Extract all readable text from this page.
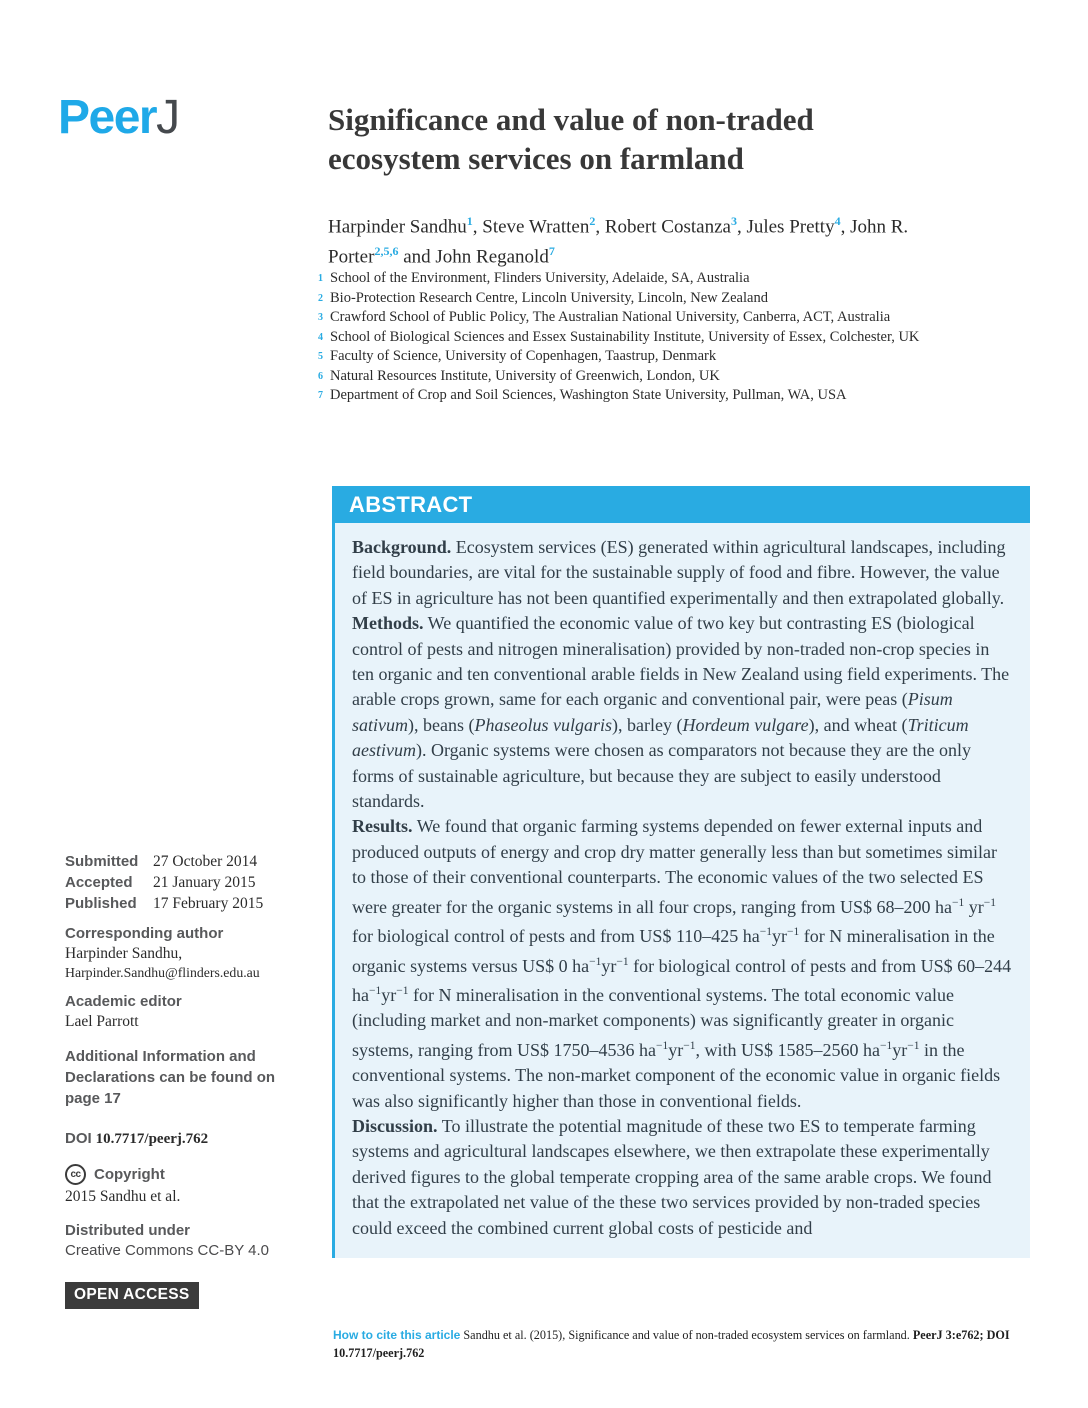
PeerJ	Significance and value of non-traded ecosystem services on farmland

Harpinder Sandhu$^1$, Steve Wratten$^2$, Robert Costanza$^3$, Jules Pretty$^4$, John R. Porter$^{2,5,6}$ and John Reganold$^7$

1 School of the Environment, Flinders University, Adelaide, SA, Australia
2 Bio-Protection Research Centre, Lincoln University, Lincoln, New Zealand
3 Crawford School of Public Policy, The Australian National University, Canberra, ACT, Australia
4 School of Biological Sciences and Essex Sustainability Institute, University of Essex, Colchester, UK
5 Faculty of Science, University of Copenhagen, Taastrup, Denmark
6 Natural Resources Institute, University of Greenwich, London, UK
7 Department of Crop and Soil Sciences, Washington State University, Pullman, WA, USA
ABSTRACT

Background. Ecosystem services (ES) generated within agricultural landscapes, including field boundaries, are vital for the sustainable supply of food and fibre. However, the value of ES in agriculture has not been quantified experimentally and then extrapolated globally.

Methods. We quantified the economic value of two key but contrasting ES (biological control of pests and nitrogen mineralisation) provided by non-traded non-crop species in ten organic and ten conventional arable fields in New Zealand using field experiments. The arable crops grown, same for each organic and conventional pair, were peas (Pisum sativum), beans (Phaseolus vulgaris), barley (Hordeum vulgare), and wheat (Triticum aestivum). Organic systems were chosen as comparators not because they are the only forms of sustainable agriculture, but because they are subject to easily understood standards.

Results. We found that organic farming systems depended on fewer external inputs and produced outputs of energy and crop dry matter generally less than but sometimes similar to those of their conventional counterparts. The economic values of the two selected ES were greater for the organic systems in all four crops, ranging from US$ 68–200 $ha^{-1}$ $yr^{-1}$ for biological control of pests and from US$ 110–425 $ha^{-1}yr^{-1}$ for N mineralisation in the organic systems versus US$ 0 $ha^{-1}yr^{-1}$ for biological control of pests and from US$ 60–244 $ha^{-1}yr^{-1}$ for N mineralisation in the conventional systems. The total economic value (including market and non-market components) was significantly greater in organic systems, ranging from US$ 1750–4536 $ha^{-1}yr^{-1}$, with US$ 1585–2560 $ha^{-1}yr^{-1}$ in the conventional systems. The non-market component of the economic value in organic fields was also significantly higher than those in conventional fields.

Discussion. To illustrate the potential magnitude of these two ES to temperate farming systems and agricultural landscapes elsewhere, we then extrapolate these experimentally derived figures to the global temperate cropping area of the same arable crops. We found that the extrapolated net value of the these two services provided by non-traded species could exceed the combined current global costs of pesticide and

Submitted 27 October 2014
Accepted	21 January 2015
Published	17 February 2015
Corresponding author
Harpinder Sandhu,
Harpinder.Sandhu@flinders.edu.au
Academic editor
Lael Parrott
Additional Information and Declarations can be found on page 17
DOI 10.7717/peerj.762
cc Copyright
2015 Sandhu et al.
Distributed under
Creative Commons CC-BY 4.0
OPEN ACCESS

How to cite this article Sandhu et al. (2015), Significance and value of non-traded ecosystem services on farmland. PeerJ 3:e762; DOI 10.7717/peerj.762
